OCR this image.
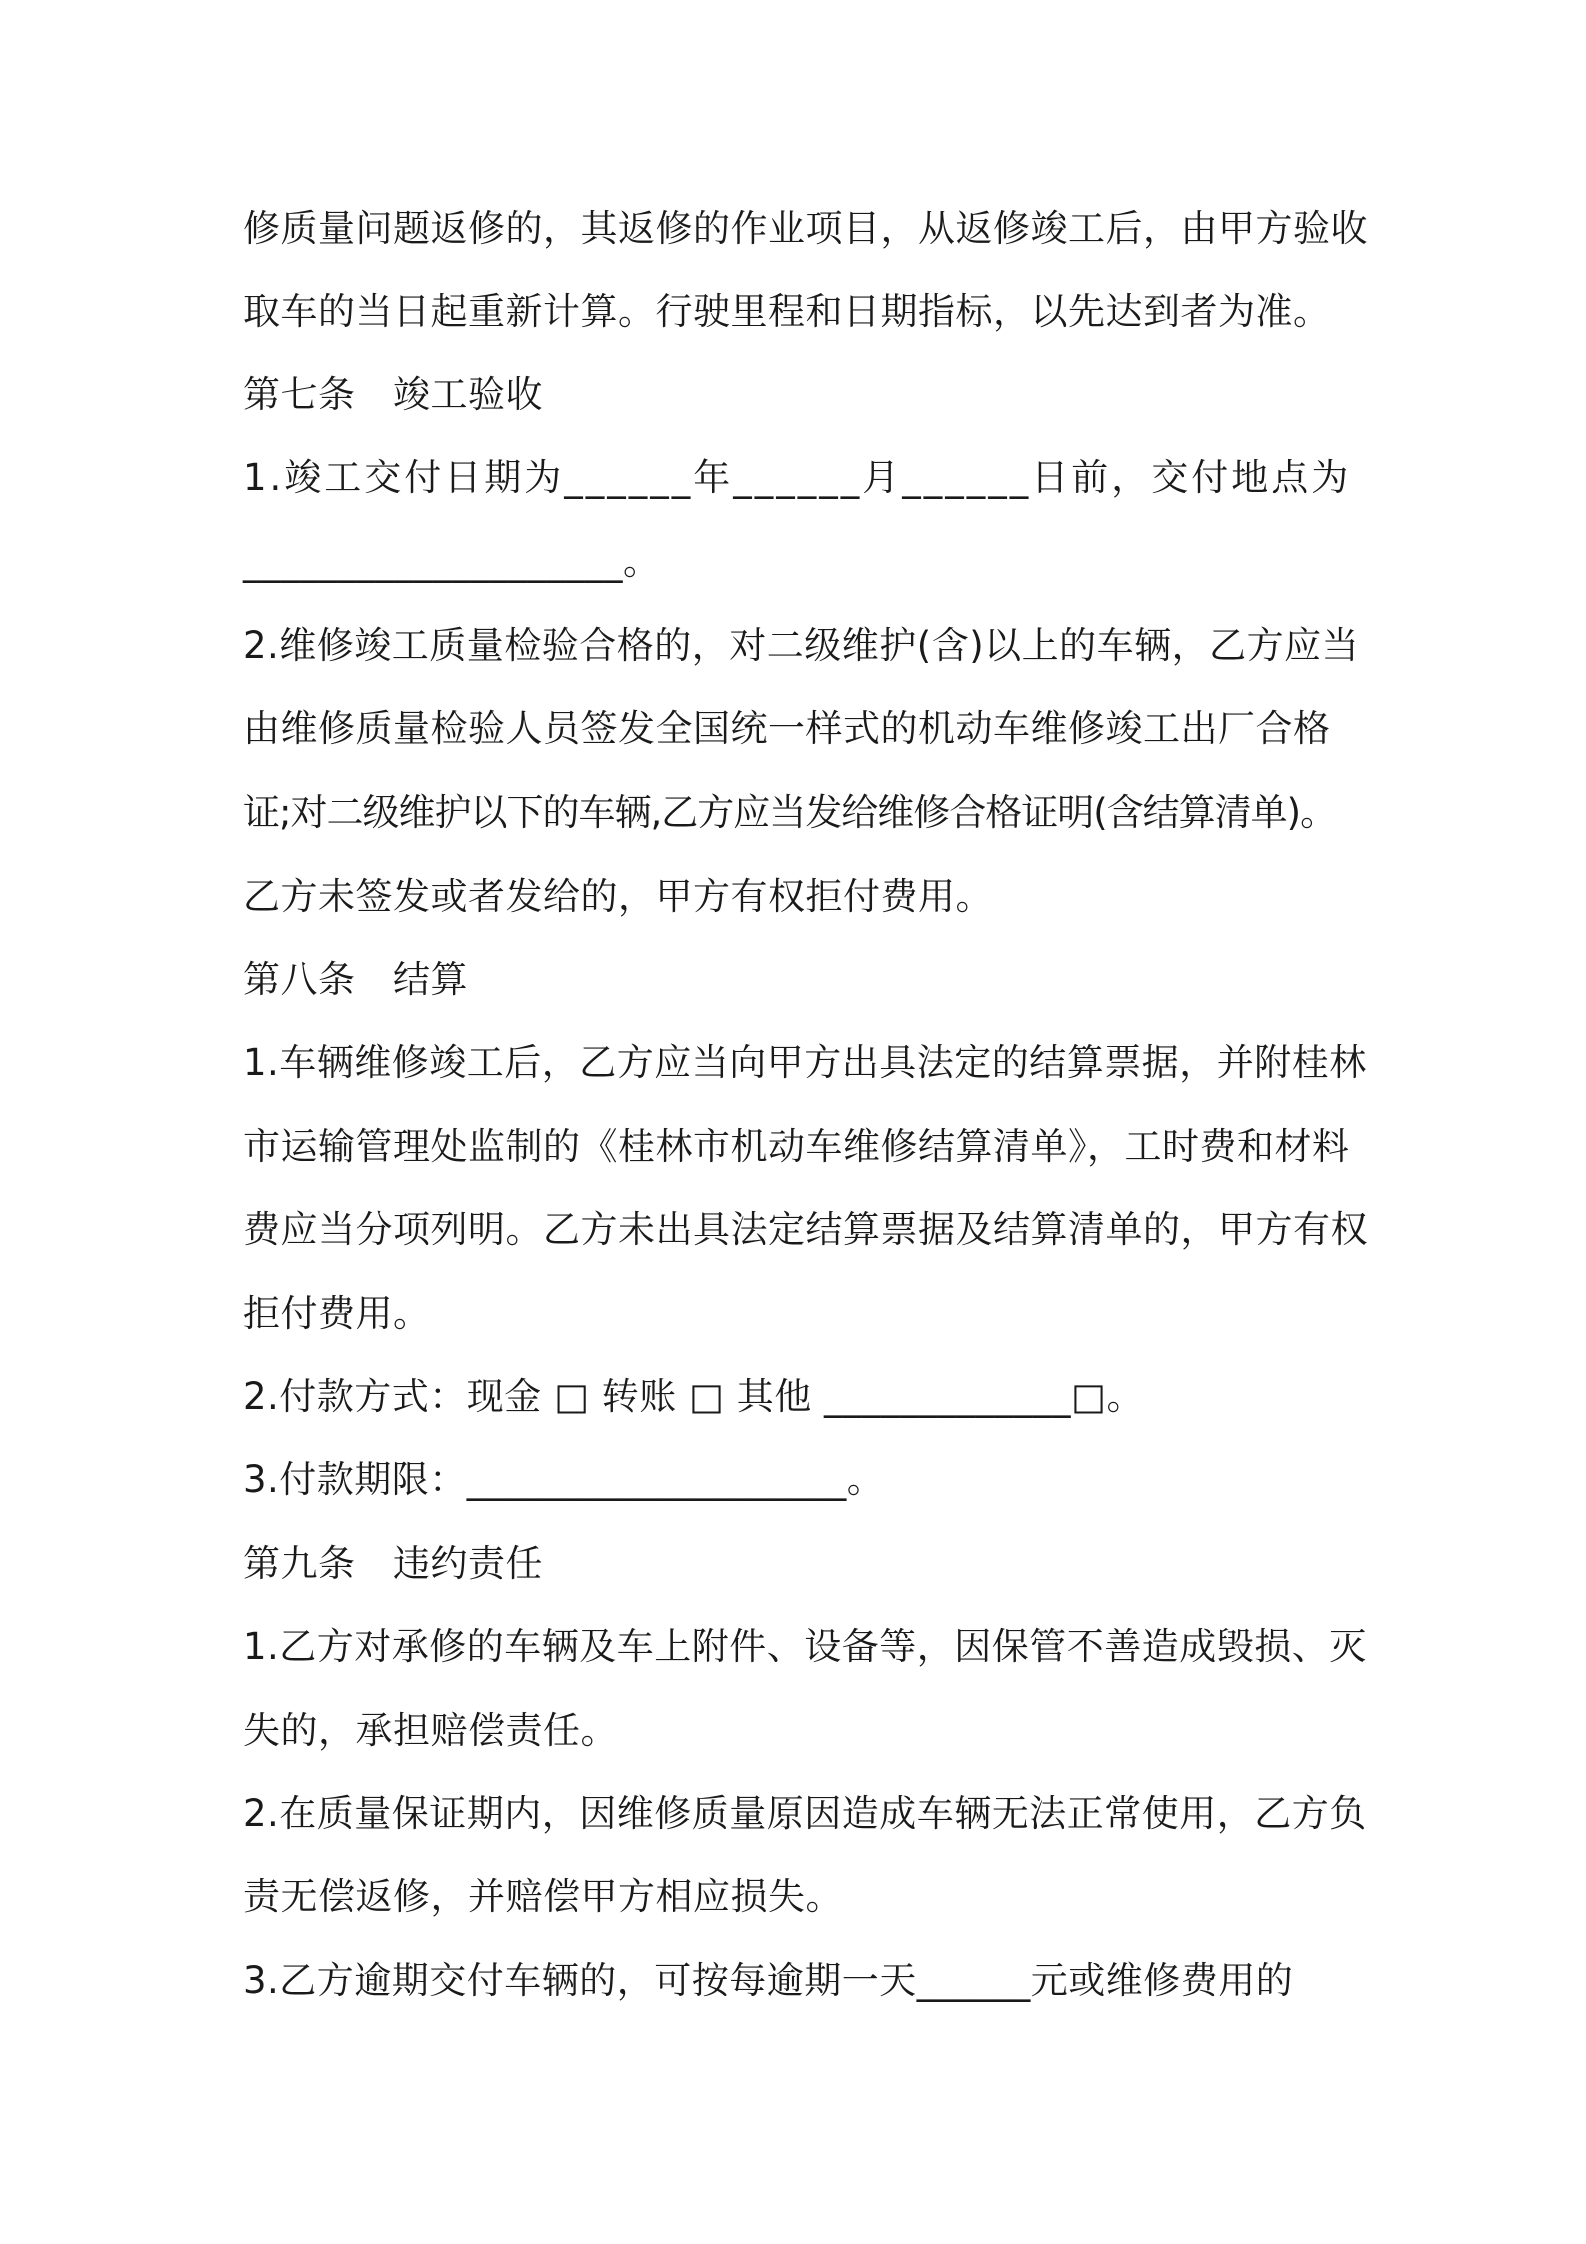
修质量问题返修的，其返修的作业项目，从返修竣工后，由甲方验收
取车的当日起重新计算。行驶里程和日期指标，以先达到者为准。
第七条　竣工验收
1.竣工交付日期为______年______月______日前，交付地点为
____________________。
2.维修竣工质量检验合格的，对二级维护(含)以上的车辆，乙方应当
由维修质量检验人员签发全国统一样式的机动车维修竣工出厂合格
证;对二级维护以下的车辆,乙方应当发给维修合格证明(含结算清单)。
乙方未签发或者发给的，甲方有权拒付费用。
第八条　结算
1.车辆维修竣工后，乙方应当向甲方出具法定的结算票据，并附桂林
市运输管理处监制的《桂林市机动车维修结算清单》，工时费和材料
费应当分项列明。乙方未出具法定结算票据及结算清单的，甲方有权
拒付费用。
2.付款方式：现金 □ 转账 □ 其他 _____________□。
3.付款期限：____________________。
第九条　违约责任
1.乙方对承修的车辆及车上附件、设备等，因保管不善造成毁损、灭
失的，承担赔偿责任。
2.在质量保证期内，因维修质量原因造成车辆无法正常使用，乙方负
责无偿返修，并赔偿甲方相应损失。
3.乙方逾期交付车辆的，可按每逾期一天______元或维修费用的
